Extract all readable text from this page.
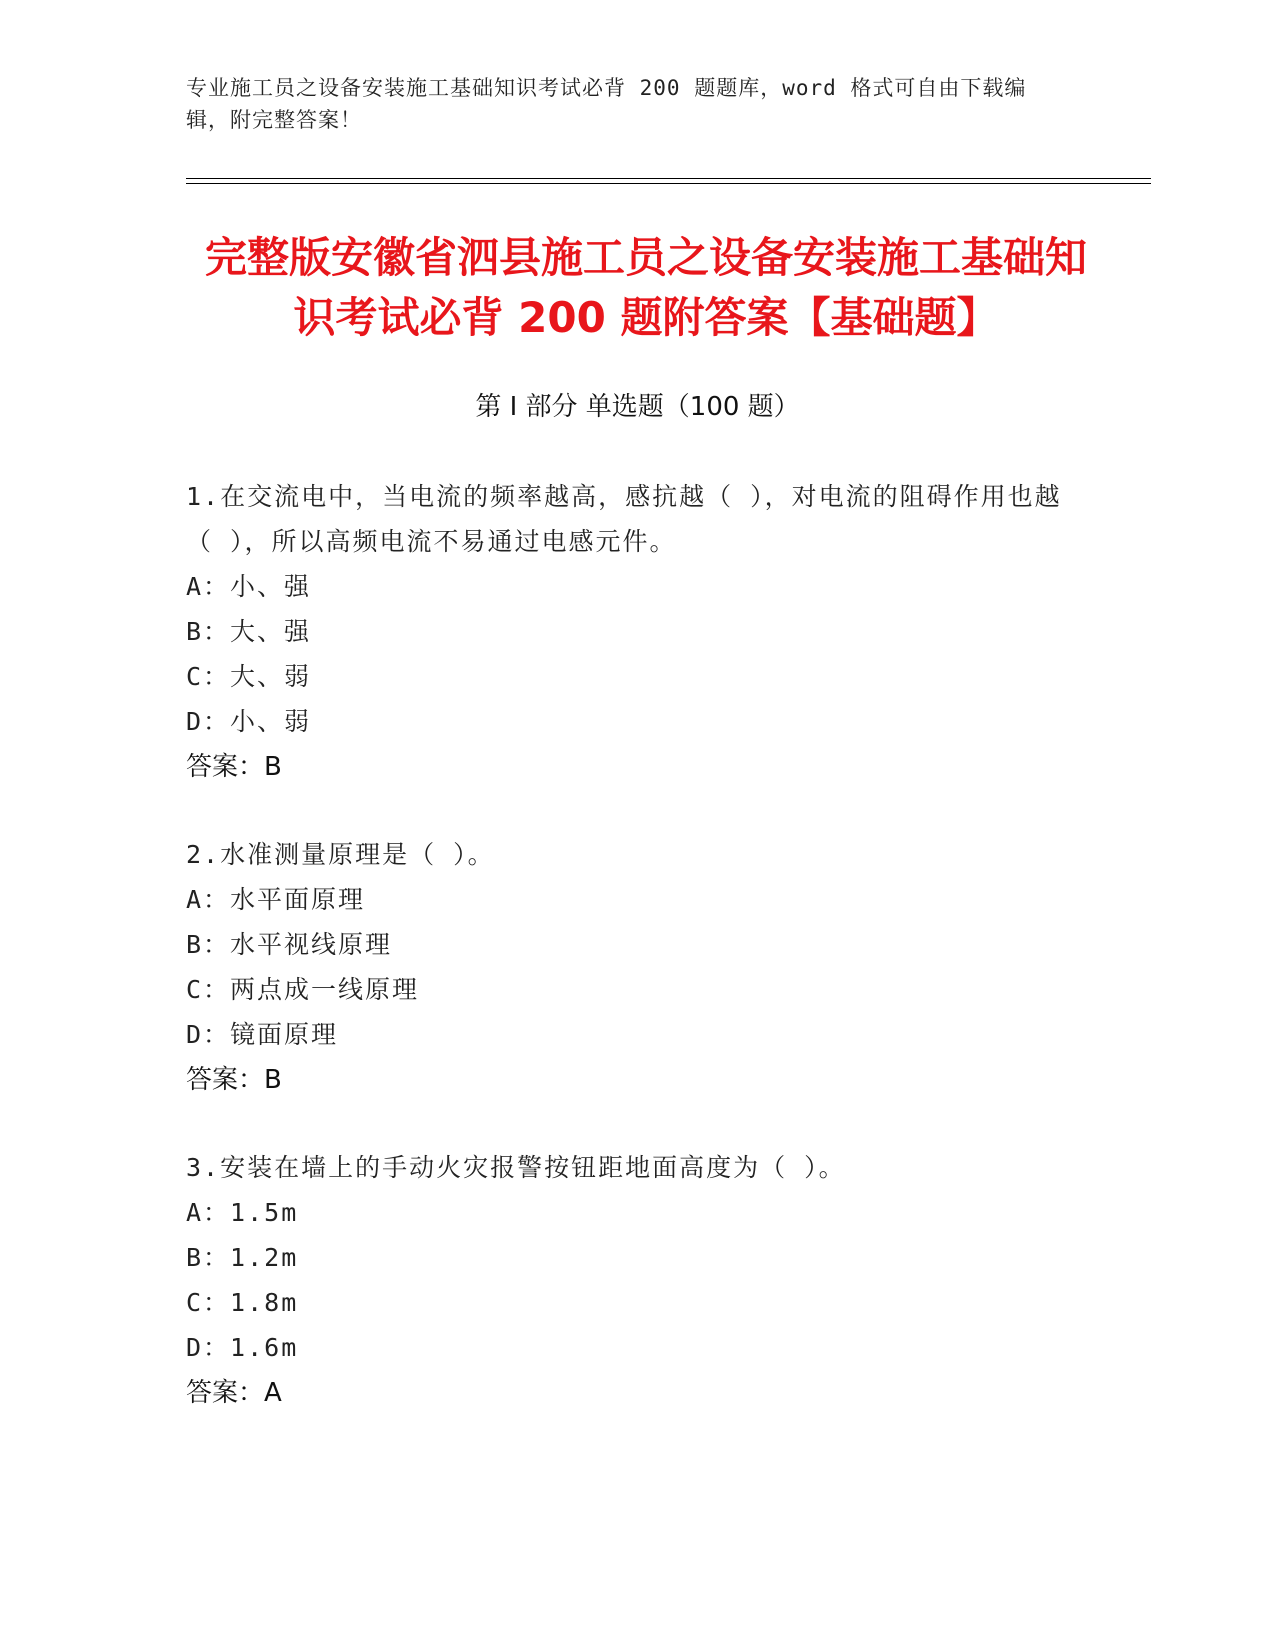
专业施工员之设备安装施工基础知识考试必背 200 题题库，word 格式可自由下载编辑，附完整答案！
完整版安徽省泗县施工员之设备安装施工基础知识考试必背 200 题附答案【基础题】
第 I 部分 单选题（100 题）
1.在交流电中，当电流的频率越高，感抗越（ ），对电流的阻碍作用也越（ ），所以高频电流不易通过电感元件。
A：小、强
B：大、强
C：大、弱
D：小、弱
答案：B
2.水准测量原理是（ ）。
A：水平面原理
B：水平视线原理
C：两点成一线原理
D：镜面原理
答案：B
3.安装在墙上的手动火灾报警按钮距地面高度为（ ）。
A：1.5m
B：1.2m
C：1.8m
D：1.6m
答案：A
